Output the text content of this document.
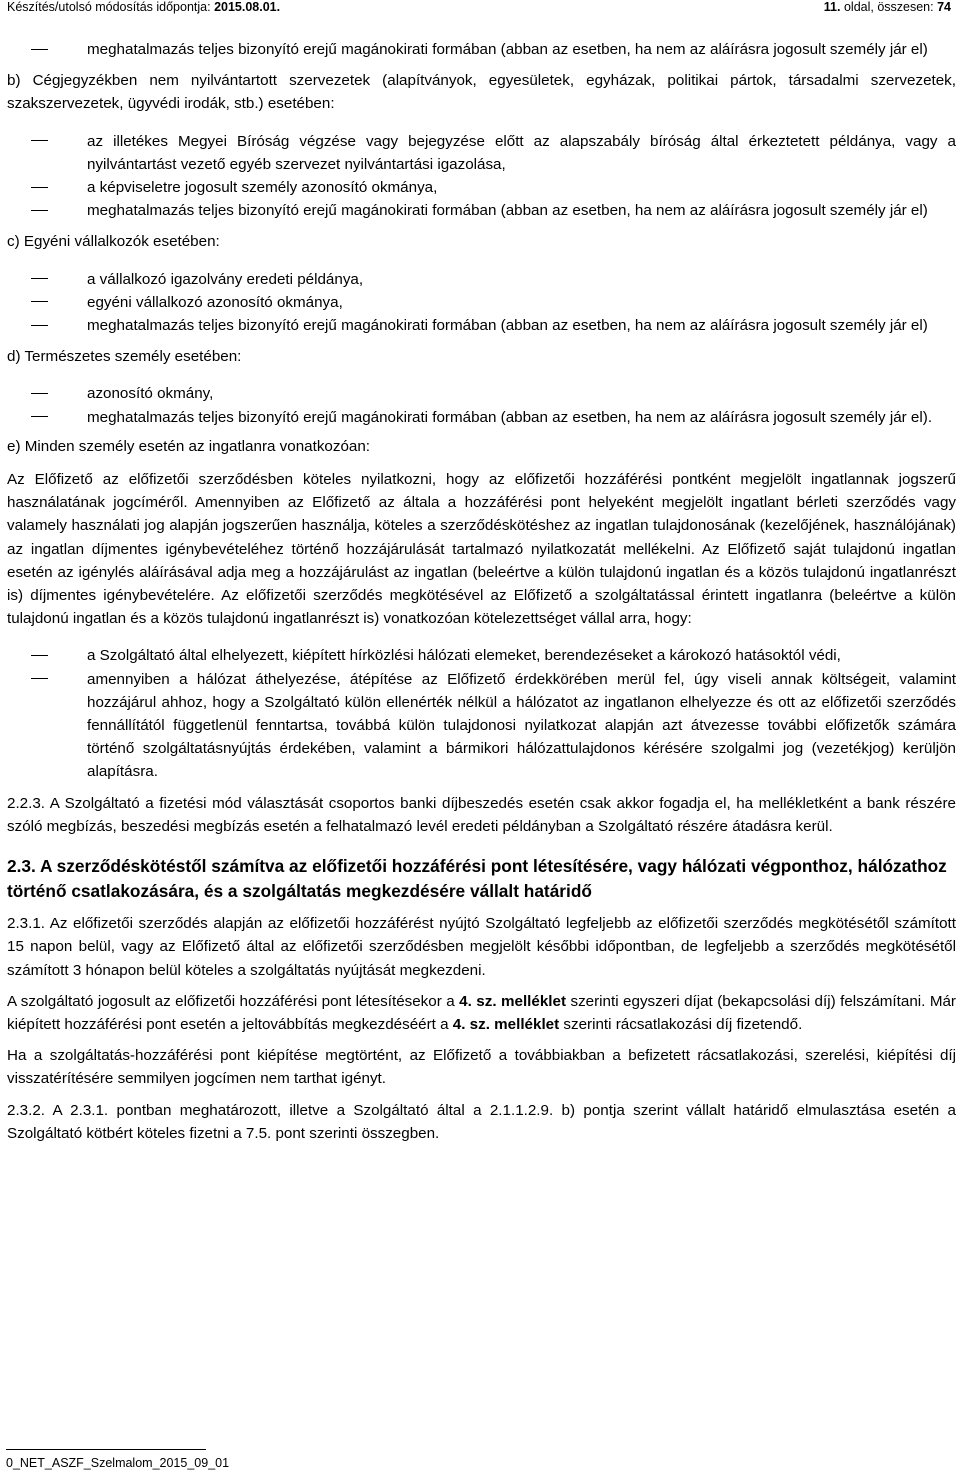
Készítés/utolsó módosítás időpontja: 2015.08.01.	11. oldal, összesen: 74
meghatalmazás teljes bizonyító erejű magánokirati formában (abban az esetben, ha nem az aláírásra jogosult személy jár el)

b) Cégjegyzékben nem nyilvántartott szervezetek (alapítványok, egyesületek, egyházak, politikai pártok, társadalmi szervezetek, szakszervezetek, ügyvédi irodák, stb.) esetében:

az illetékes Megyei Bíróság végzése vagy bejegyzése előtt az alapszabály bíróság által érkeztetett példánya, vagy a nyilvántartást vezető egyéb szervezet nyilvántartási igazolása,
a képviseletre jogosult személy azonosító okmánya,
meghatalmazás teljes bizonyító erejű magánokirati formában (abban az esetben, ha nem az aláírásra jogosult személy jár el)

c) Egyéni vállalkozók esetében:

a vállalkozó igazolvány eredeti példánya,
egyéni vállalkozó azonosító okmánya,
meghatalmazás teljes bizonyító erejű magánokirati formában (abban az esetben, ha nem az aláírásra jogosult személy jár el)

d) Természetes személy esetében:

azonosító okmány,
meghatalmazás teljes bizonyító erejű magánokirati formában (abban az esetben, ha nem az aláírásra jogosult személy jár el).

e) Minden személy esetén az ingatlanra vonatkozóan:

Az Előfizető az előfizetői szerződésben köteles nyilatkozni, hogy az előfizetői hozzáférési pontként megjelölt ingatlannak jogszerű használatának jogcíméről. Amennyiben az Előfizető az általa a hozzáférési pont helyeként megjelölt ingatlant bérleti szerződés vagy valamely használati jog alapján jogszerűen használja, köteles a szerződéskötéshez az ingatlan tulajdonosának (kezelőjének, használójának) az ingatlan díjmentes igénybevételéhez történő hozzájárulását tartalmazó nyilatkozatát mellékelni. Az Előfizető saját tulajdonú ingatlan esetén az igénylés aláírásával adja meg a hozzájárulást az ingatlan (beleértve a külön tulajdonú ingatlan és a közös tulajdonú ingatlanrészt is) díjmentes igénybevételére. Az előfizetői szerződés megkötésével az Előfizető a szolgáltatással érintett ingatlanra (beleértve a külön tulajdonú ingatlan és a közös tulajdonú ingatlanrészt is) vonatkozóan kötelezettséget vállal arra, hogy:

a Szolgáltató által elhelyezett, kiépített hírközlési hálózati elemeket, berendezéseket a károkozó hatásoktól védi,
amennyiben a hálózat áthelyezése, átépítése az Előfizető érdekkörében merül fel, úgy viseli annak költségeit, valamint hozzájárul ahhoz, hogy a Szolgáltató külön ellenérték nélkül a hálózatot az ingatlanon elhelyezze és ott az előfizetői szerződés fennállítától függetlenül fenntartsa, továbbá külön tulajdonosi nyilatkozat alapján azt átvezesse további előfizetők számára történő szolgáltatásnyújtás érdekében, valamint a bármikori hálózattulajdonos kérésére szolgalmi jog (vezetékjog) kerüljön alapításra.

2.2.3. A Szolgáltató a fizetési mód választását csoportos banki díjbeszedés esetén csak akkor fogadja el, ha mellékletként a bank részére szóló megbízás, beszedési megbízás esetén a felhatalmazó levél eredeti példányban a Szolgáltató részére átadásra kerül.

2.3. A szerződéskötéstől számítva az előfizetői hozzáférési pont létesítésére, vagy hálózati végponthoz, hálózathoz történő csatlakozására, és a szolgáltatás megkezdésére vállalt határidő

2.3.1. Az előfizetői szerződés alapján az előfizetői hozzáférést nyújtó Szolgáltató legfeljebb az előfizetői szerződés megkötésétől számított 15 napon belül, vagy az Előfizető által az előfizetői szerződésben megjelölt későbbi időpontban, de legfeljebb a szerződés megkötésétől számított 3 hónapon belül köteles a szolgáltatás nyújtását megkezdeni.

A szolgáltató jogosult az előfizetői hozzáférési pont létesítésekor a 4. sz. melléklet szerinti egyszeri díjat (bekapcsolási díj) felszámítani. Már kiépített hozzáférési pont esetén a jeltovábbítás megkezdéséért a 4. sz. melléklet szerinti rácsatlakozási díj fizetendő.

Ha a szolgáltatás-hozzáférési pont kiépítése megtörtént, az Előfizető a továbbiakban a befizetett rácsatlakozási, szerelési, kiépítési díj visszatérítésére semmilyen jogcímen nem tarthat igényt.

2.3.2. A 2.3.1. pontban meghatározott, illetve a Szolgáltató által a 2.1.1.2.9. b) pontja szerint vállalt határidő elmulasztása esetén a Szolgáltató kötbért köteles fizetni a 7.5. pont szerinti összegben.

0_NET_ASZF_Szelmalom_2015_09_01
